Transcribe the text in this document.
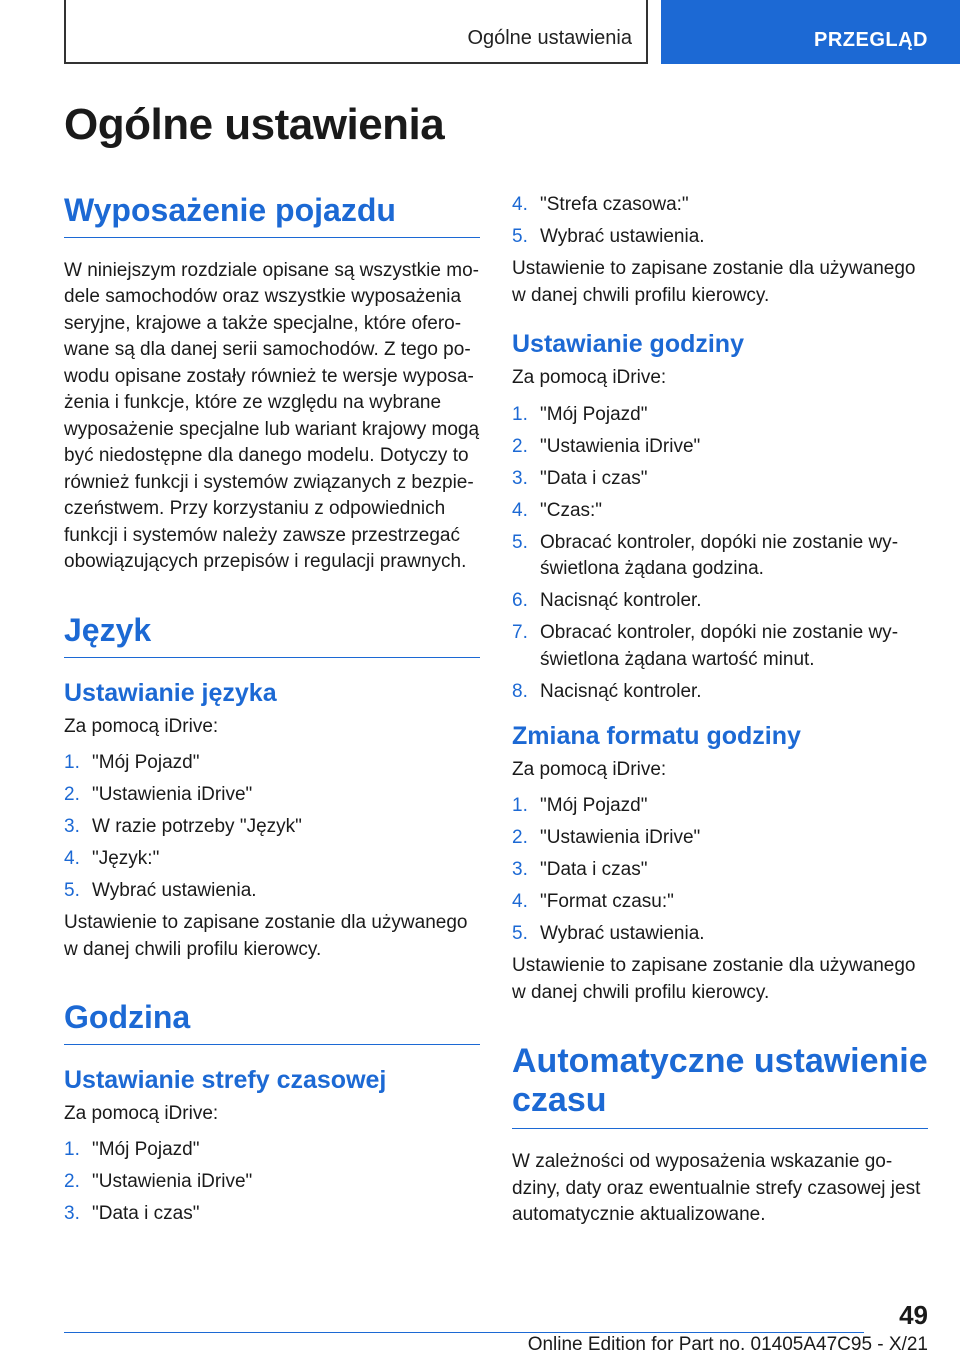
Ogólne ustawienia	PRZEGLĄD
Ogólne ustawienia
Wyposażenie pojazdu

W niniejszym rozdziale opisane są wszystkie modele samochodów oraz wszystkie wyposażenia seryjne, krajowe a także specjalne, które oferowane są dla danej serii samochodów. Z tego powodu opisane zostały również te wersje wyposażenia i funkcje, które ze względu na wybrane wyposażenie specjalne lub wariant krajowy mogą być niedostępne dla danego modelu. Dotyczy to również funkcji i systemów związanych z bezpieczeństwem. Przy korzystaniu z odpowiednich funkcji i systemów należy zawsze przestrzegać obowiązujących przepisów i regulacji prawnych.

Język
Ustawianie języka

Za pomocą iDrive:

1. "Mój Pojazd"
2. "Ustawienia iDrive"
3. W razie potrzeby "Język"
4. "Język:"
5. Wybrać ustawienia.

Ustawienie to zapisane zostanie dla używanego w danej chwili profilu kierowcy.

Godzina
Ustawianie strefy czasowej

Za pomocą iDrive:

1. "Mój Pojazd"
2. "Ustawienia iDrive"
3. "Data i czas"
4. "Strefa czasowa:"
5. Wybrać ustawienia.

Ustawienie to zapisane zostanie dla używanego w danej chwili profilu kierowcy.

Ustawianie godziny

Za pomocą iDrive:

1. "Mój Pojazd"
2. "Ustawienia iDrive"
3. "Data i czas"
4. "Czas:"
5. Obracać kontroler, dopóki nie zostanie wyświetlona żądana godzina.
6. Nacisnąć kontroler.
7. Obracać kontroler, dopóki nie zostanie wyświetlona żądana wartość minut.
8. Nacisnąć kontroler.
Zmiana formatu godziny

Za pomocą iDrive:

1. "Mój Pojazd"
2. "Ustawienia iDrive"
3. "Data i czas"
4. "Format czasu:"
5. Wybrać ustawienia.

Ustawienie to zapisane zostanie dla używanego w danej chwili profilu kierowcy.

Automatyczne ustawienie czasu

W zależności od wyposażenia wskazanie godziny, daty oraz ewentualnie strefy czasowej jest automatycznie aktualizowane.

49
Online Edition for Part no. 01405A47C95 - X/21
